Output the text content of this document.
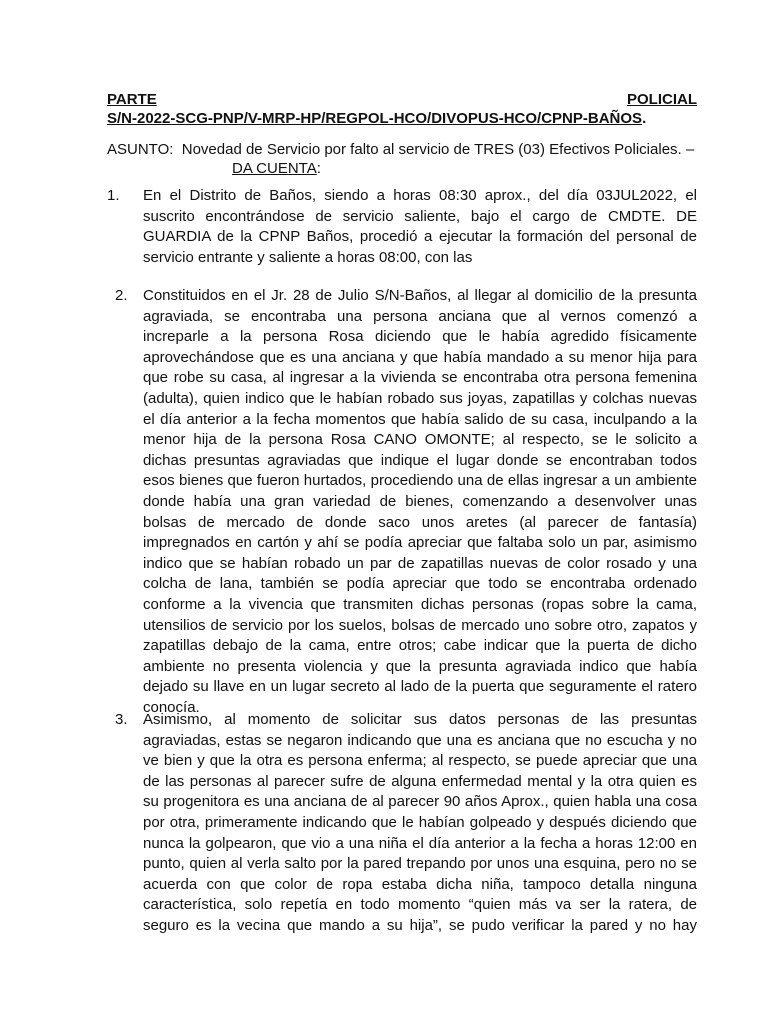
PARTE	POLICIAL
S/N-2022-SCG-PNP/V-MRP-HP/REGPOL-HCO/DIVOPUS-HCO/CPNP-BAÑOS.
ASUNTO: Novedad de Servicio por falto al servicio de TRES (03) Efectivos Policiales. –
DA CUENTA:
1. En el Distrito de Baños, siendo a horas 08:30 aprox., del día 03JUL2022, el
suscrito encontrándose de servicio saliente, bajo el cargo de CMDTE. DE
GUARDIA de la CPNP Baños, procedió a ejecutar la formación del personal de
servicio entrante y saliente a horas 08:00, con las
2. Constituidos en el Jr. 28 de Julio S/N-Baños, al llegar al domicilio de la presunta
agraviada, se encontraba una persona anciana que al vernos comenzó a
increparle a la persona Rosa diciendo que le había agredido físicamente
aprovechándose que es una anciana y que había mandado a su menor hija para
que robe su casa, al ingresar a la vivienda se encontraba otra persona femenina
(adulta), quien indico que le habían robado sus joyas, zapatillas y colchas nuevas
el día anterior a la fecha momentos que había salido de su casa, inculpando a la
menor hija de la persona Rosa CANO OMONTE; al respecto, se le solicito a
dichas presuntas agraviadas que indique el lugar donde se encontraban todos
esos bienes que fueron hurtados, procediendo una de ellas ingresar a un ambiente
donde había una gran variedad de bienes, comenzando a desenvolver unas
bolsas de mercado de donde saco unos aretes (al parecer de fantasía)
impregnados en cartón y ahí se podía apreciar que faltaba solo un par, asimismo
indico que se habían robado un par de zapatillas nuevas de color rosado y una
colcha de lana, también se podía apreciar que todo se encontraba ordenado
conforme a la vivencia que transmiten dichas personas (ropas sobre la cama,
utensilios de servicio por los suelos, bolsas de mercado uno sobre otro, zapatos y
zapatillas debajo de la cama, entre otros; cabe indicar que la puerta de dicho
ambiente no presenta violencia y que la presunta agraviada indico que había
dejado su llave en un lugar secreto al lado de la puerta que seguramente el ratero
conocía.
3. Asimismo, al momento de solicitar sus datos personas de las presuntas
agraviadas, estas se negaron indicando que una es anciana que no escucha y no
ve bien y que la otra es persona enferma; al respecto, se puede apreciar que una
de las personas al parecer sufre de alguna enfermedad mental y la otra quien es
su progenitora es una anciana de al parecer 90 años Aprox., quien habla una cosa
por otra, primeramente indicando que le habían golpeado y después diciendo que
nunca la golpearon, que vio a una niña el día anterior a la fecha a horas 12:00 en
punto, quien al verla salto por la pared trepando por unos una esquina, pero no se
acuerda con que color de ropa estaba dicha niña, tampoco detalla ninguna
característica, solo repetía en todo momento “quien más va ser la ratera, de
seguro es la vecina que mando a su hija”, se pudo verificar la pared y no hay
